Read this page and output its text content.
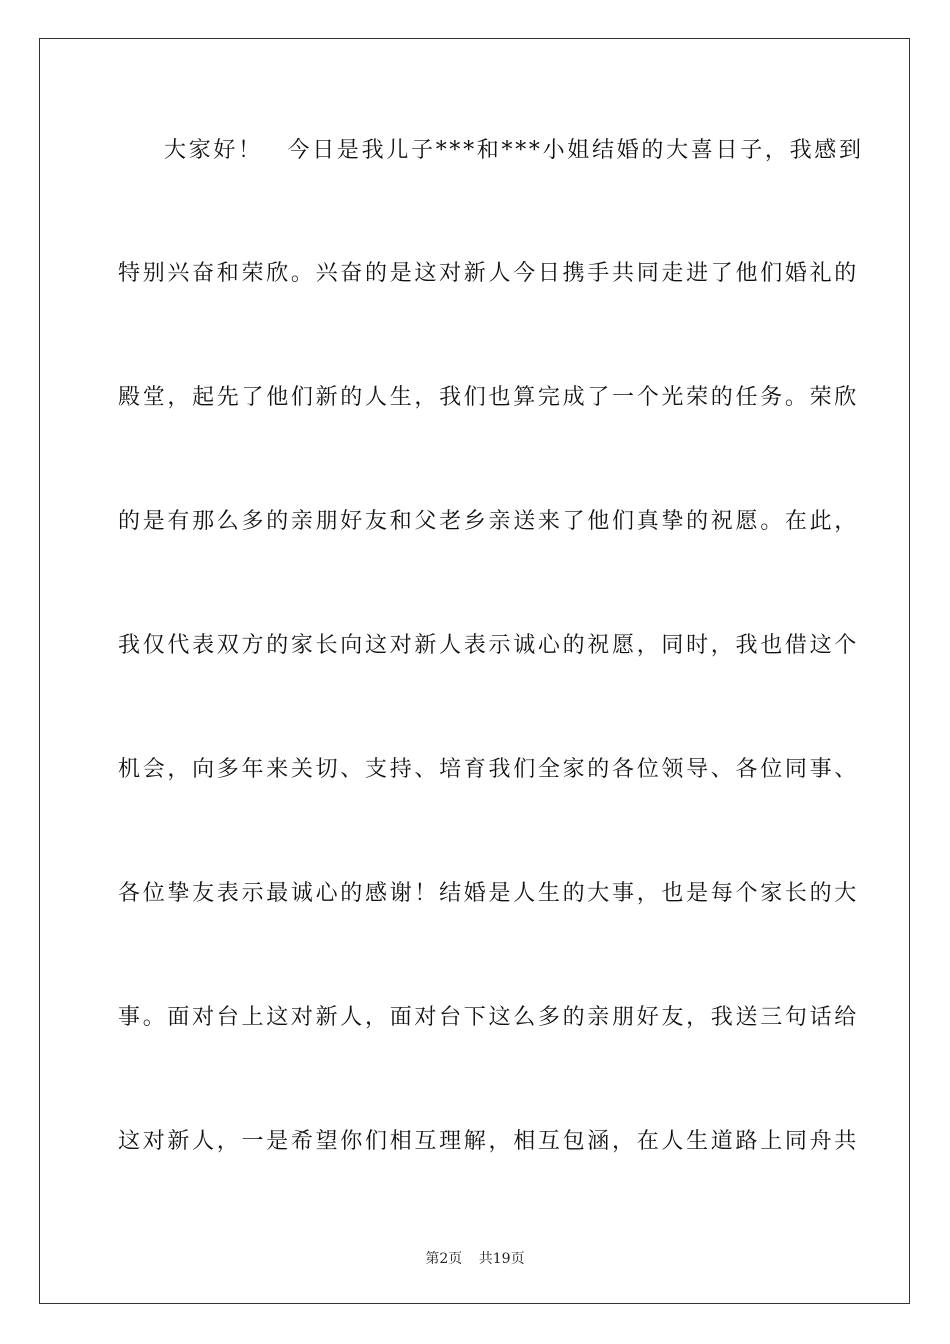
大家好！　今日是我儿子***和***小姐结婚的大喜日子，我感到
特别兴奋和荣欣。兴奋的是这对新人今日携手共同走进了他们婚礼的
殿堂，起先了他们新的人生，我们也算完成了一个光荣的任务。荣欣
的是有那么多的亲朋好友和父老乡亲送来了他们真挚的祝愿。在此，
我仅代表双方的家长向这对新人表示诚心的祝愿，同时，我也借这个
机会，向多年来关切、支持、培育我们全家的各位领导、各位同事、
各位挚友表示最诚心的感谢！结婚是人生的大事，也是每个家长的大
事。面对台上这对新人，面对台下这么多的亲朋好友，我送三句话给
这对新人，一是希望你们相互理解，相互包涵，在人生道路上同舟共
第2页 共19页
